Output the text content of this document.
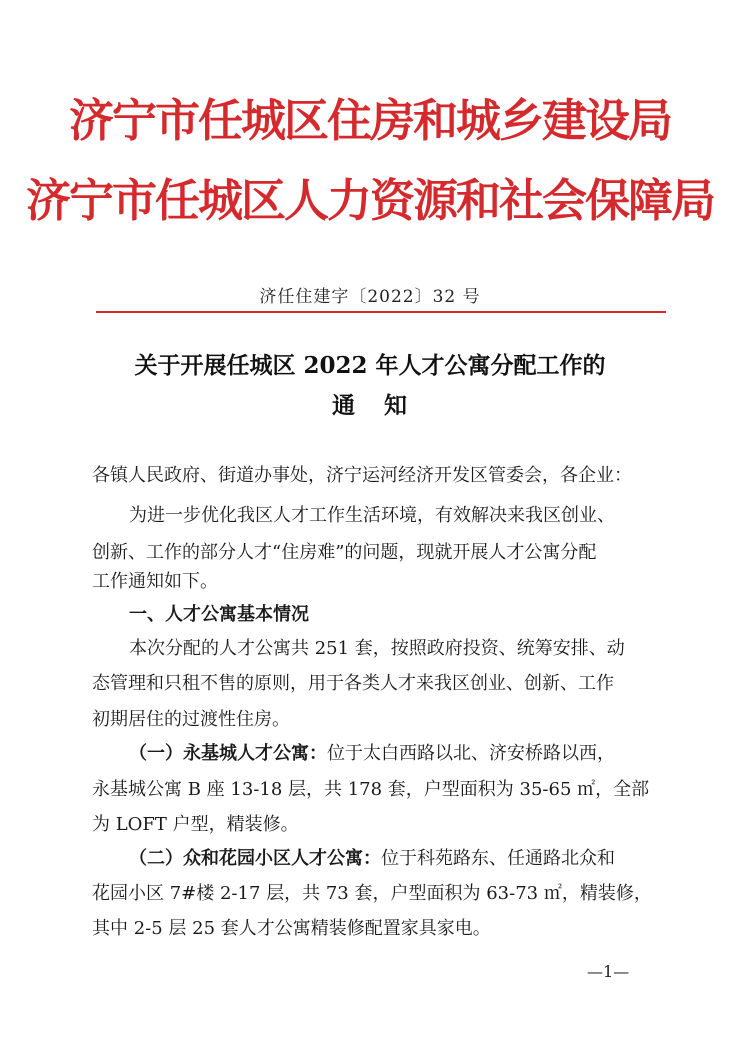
济宁市任城区住房和城乡建设局
济宁市任城区人力资源和社会保障局
济任住建字〔2022〕32 号
关于开展任城区 2022 年人才公寓分配工作的
通 知
各镇人民政府、街道办事处，济宁运河经济开发区管委会，各企业：
为进一步优化我区人才工作生活环境，有效解决来我区创业、
创新、工作的部分人才“住房难”的问题，现就开展人才公寓分配
工作通知如下。
一、人才公寓基本情况
本次分配的人才公寓共 251 套，按照政府投资、统筹安排、动
态管理和只租不售的原则，用于各类人才来我区创业、创新、工作
初期居住的过渡性住房。
（一）永基城人才公寓：位于太白西路以北、济安桥路以西，
永基城公寓 B 座 13-18 层，共 178 套，户型面积为 35-65 ㎡，全部
为 LOFT 户型，精装修。
（二）众和花园小区人才公寓：位于科苑路东、任通路北众和
花园小区 7#楼 2-17 层，共 73 套，户型面积为 63-73 ㎡，精装修，
其中 2-5 层 25 套人才公寓精装修配置家具家电。
—1—
